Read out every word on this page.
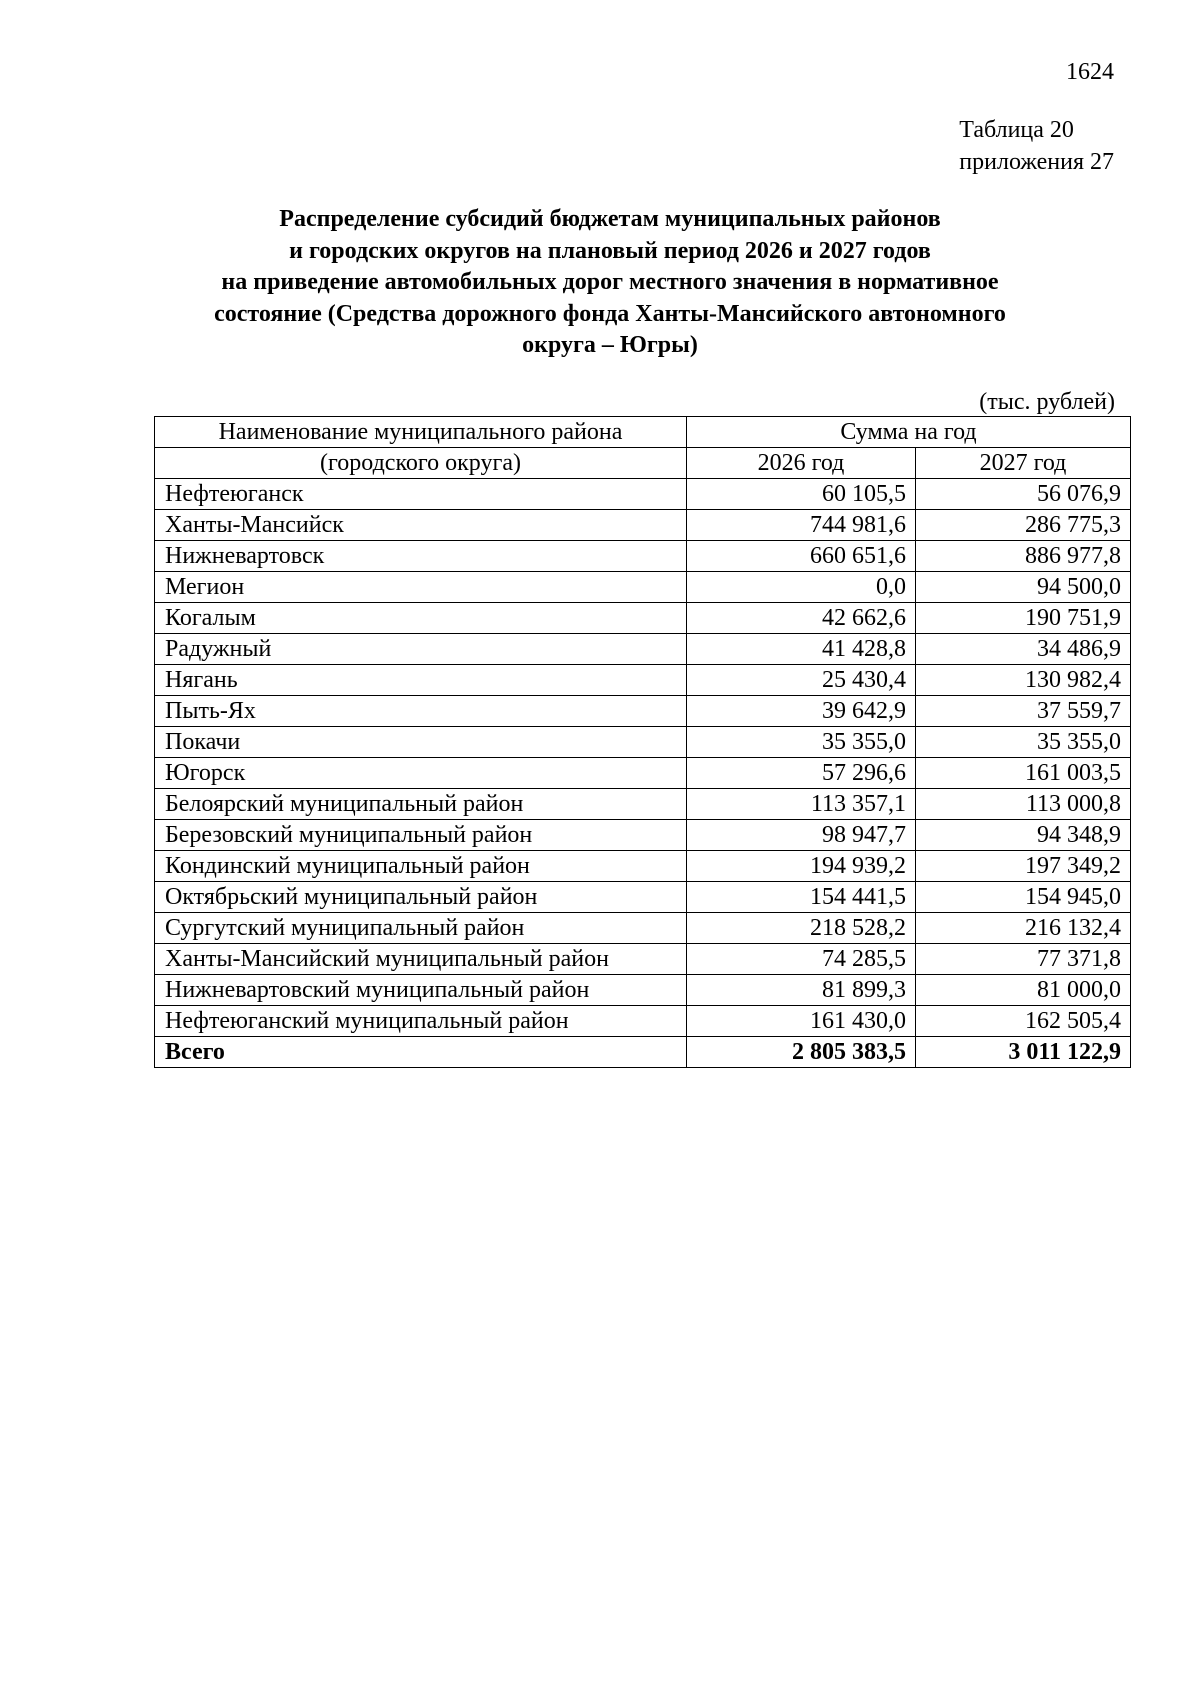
1624
Таблица 20
приложения 27
Распределение субсидий бюджетам муниципальных районов
и городских округов на плановый период 2026 и 2027 годов
на приведение автомобильных дорог местного значения в нормативное
состояние (Средства дорожного фонда Ханты-Мансийского автономного
округа – Югры)
(тыс. рублей)
Наименование муниципального района	Сумма на год	
(городского округа)	2026 год	2027 год
Нефтеюганск	60 105,5	56 076,9
Ханты-Мансийск	744 981,6	286 775,3
Нижневартовск	660 651,6	886 977,8
Мегион	0,0	94 500,0
Когалым	42 662,6	190 751,9
Радужный	41 428,8	34 486,9
Нягань	25 430,4	130 982,4
Пыть-Ях	39 642,9	37 559,7
Покачи	35 355,0	35 355,0
Югорск	57 296,6	161 003,5
Белоярский муниципальный район	113 357,1	113 000,8
Березовский муниципальный район	98 947,7	94 348,9
Кондинский муниципальный район	194 939,2	197 349,2
Октябрьский муниципальный район	154 441,5	154 945,0
Сургутский муниципальный район	218 528,2	216 132,4
Ханты-Мансийский муниципальный район	74 285,5	77 371,8
Нижневартовский муниципальный район	81 899,3	81 000,0
Нефтеюганский муниципальный район	161 430,0	162 505,4
Всего	2 805 383,5	3 011 122,9
